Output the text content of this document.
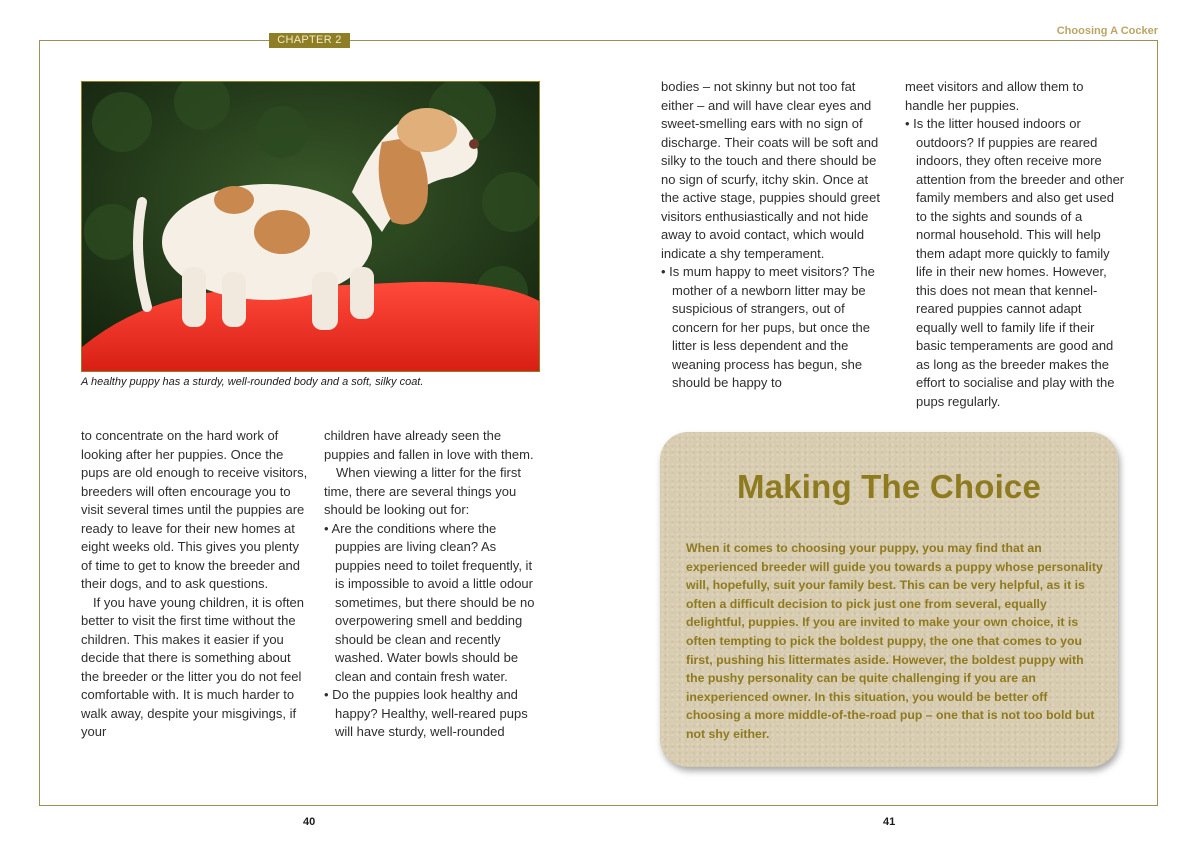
CHAPTER 2
Choosing A Cocker
A healthy puppy has a sturdy, well-rounded body and a soft, silky coat.

to concentrate on the hard work of looking after her puppies. Once the pups are old enough to receive visitors, breeders will often encourage you to visit several times until the puppies are ready to leave for their new homes at eight weeks old. This gives you plenty of time to get to know the breeder and their dogs, and to ask questions.

If you have young children, it is often better to visit the first time without the children. This makes it easier if you decide that there is something about the breeder or the litter you do not feel comfortable with. It is much harder to walk away, despite your misgivings, if your

children have already seen the puppies and fallen in love with them.

When viewing a litter for the first time, there are several things you should be looking out for:

• Are the conditions where the puppies are living clean? As puppies need to toilet frequently, it is impossible to avoid a little odour sometimes, but there should be no overpowering smell and bedding should be clean and recently washed. Water bowls should be clean and contain fresh water.

• Do the puppies look healthy and happy? Healthy, well-reared pups will have sturdy, well-rounded

bodies – not skinny but not too fat either – and will have clear eyes and sweet-smelling ears with no sign of discharge. Their coats will be soft and silky to the touch and there should be no sign of scurfy, itchy skin. Once at the active stage, puppies should greet visitors enthusiastically and not hide away to avoid contact, which would indicate a shy temperament.

• Is mum happy to meet visitors? The mother of a newborn litter may be suspicious of strangers, out of concern for her pups, but once the litter is less dependent and the weaning process has begun, she should be happy to

meet visitors and allow them to handle her puppies.

• Is the litter housed indoors or outdoors? If puppies are reared indoors, they often receive more attention from the breeder and other family members and also get used to the sights and sounds of a normal household. This will help them adapt more quickly to family life in their new homes. However, this does not mean that kennel-reared puppies cannot adapt equally well to family life if their basic temperaments are good and as long as the breeder makes the effort to socialise and play with the pups regularly.

Making The Choice
When it comes to choosing your puppy, you may find that an experienced breeder will guide you towards a puppy whose personality will, hopefully, suit your family best. This can be very helpful, as it is often a difficult decision to pick just one from several, equally delightful, puppies. If you are invited to make your own choice, it is often tempting to pick the boldest puppy, the one that comes to you first, pushing his littermates aside. However, the boldest puppy with the pushy personality can be quite challenging if you are an inexperienced owner. In this situation, you would be better off choosing a more middle-of-the-road pup – one that is not too bold but not shy either.
40	41
